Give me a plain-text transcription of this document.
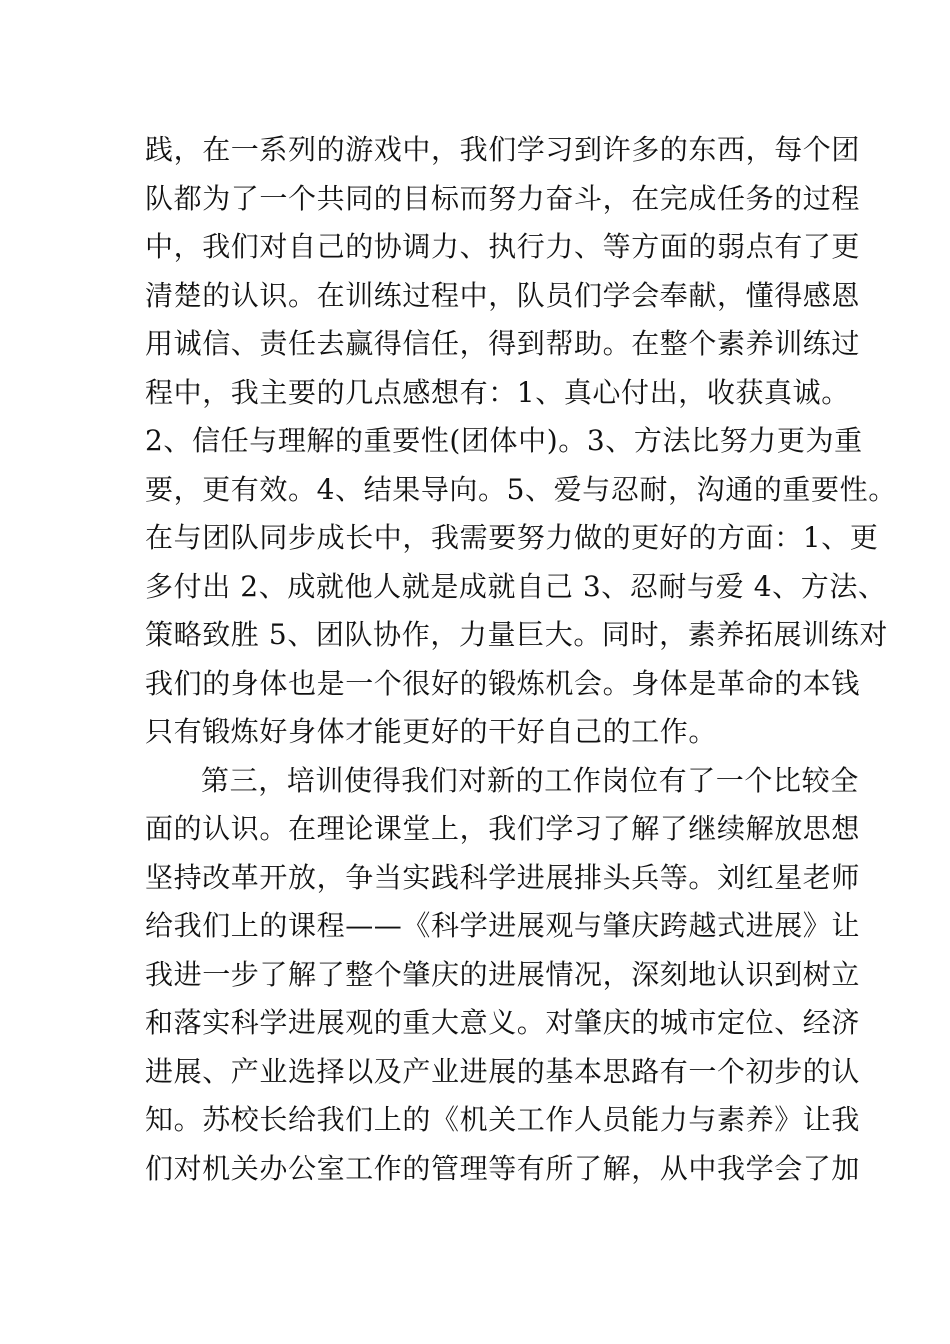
践，在一系列的游戏中，我们学习到许多的东西，每个团
队都为了一个共同的目标而努力奋斗，在完成任务的过程
中，我们对自己的协调力、执行力、等方面的弱点有了更
清楚的认识。在训练过程中，队员们学会奉献，懂得感恩
用诚信、责任去赢得信任，得到帮助。在整个素养训练过
程中，我主要的几点感想有：1、真心付出，收获真诚。
2、信任与理解的重要性(团体中)。3、方法比努力更为重
要，更有效。4、结果导向。5、爱与忍耐，沟通的重要性。
在与团队同步成长中，我需要努力做的更好的方面：1、更
多付出 2、成就他人就是成就自己 3、忍耐与爱 4、方法、
策略致胜 5、团队协作，力量巨大。同时，素养拓展训练对
我们的身体也是一个很好的锻炼机会。身体是革命的本钱
只有锻炼好身体才能更好的干好自己的工作。
第三，培训使得我们对新的工作岗位有了一个比较全
面的认识。在理论课堂上，我们学习了解了继续解放思想
坚持改革开放，争当实践科学进展排头兵等。刘红星老师
给我们上的课程——《科学进展观与肇庆跨越式进展》让
我进一步了解了整个肇庆的进展情况，深刻地认识到树立
和落实科学进展观的重大意义。对肇庆的城市定位、经济
进展、产业选择以及产业进展的基本思路有一个初步的认
知。苏校长给我们上的《机关工作人员能力与素养》让我
们对机关办公室工作的管理等有所了解，从中我学会了加
